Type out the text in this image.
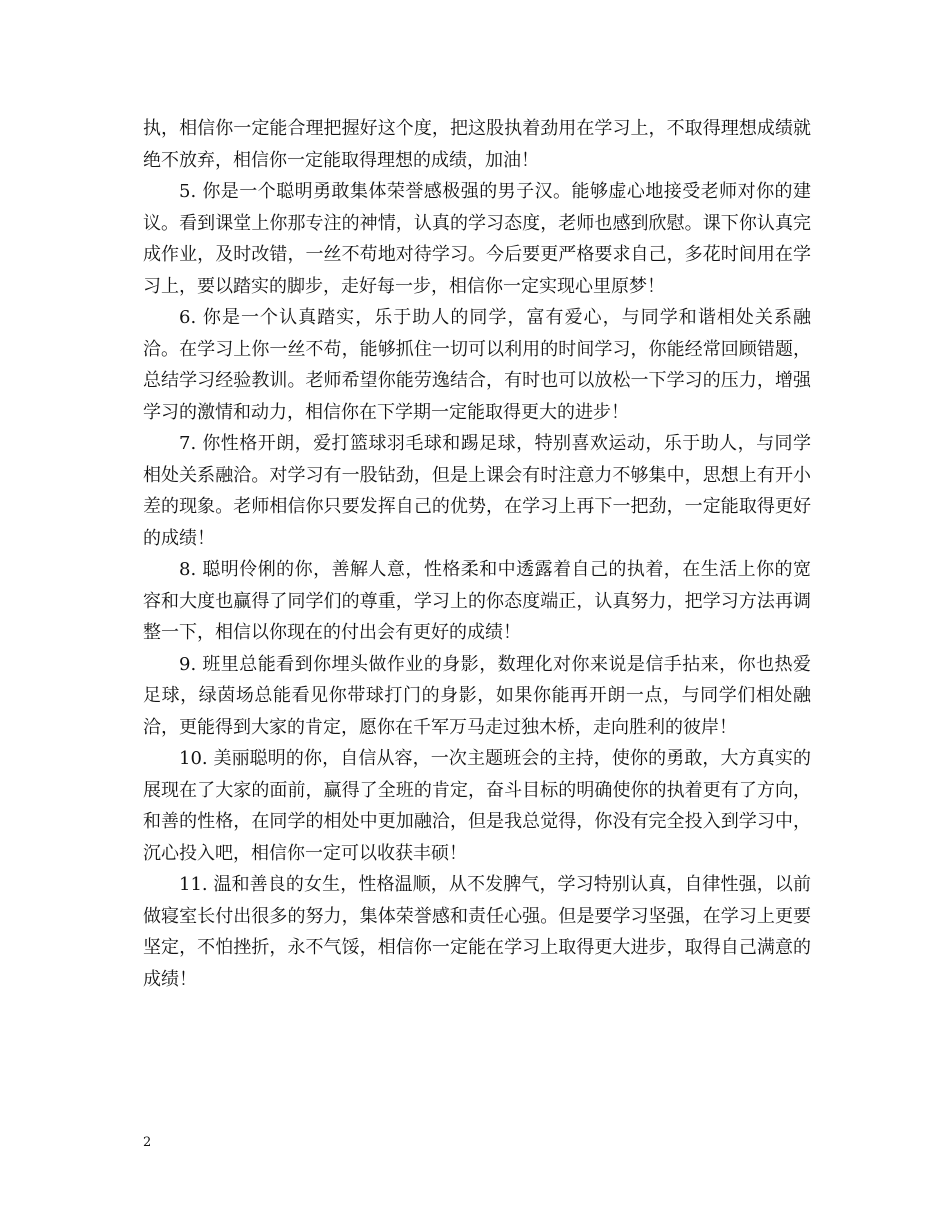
执，相信你一定能合理把握好这个度，把这股执着劲用在学习上，不取得理想成绩就绝不放弃，相信你一定能取得理想的成绩，加油！

5. 你是一个聪明勇敢集体荣誉感极强的男子汉。能够虚心地接受老师对你的建议。看到课堂上你那专注的神情，认真的学习态度，老师也感到欣慰。课下你认真完成作业，及时改错，一丝不苟地对待学习。今后要更严格要求自己，多花时间用在学习上，要以踏实的脚步，走好每一步，相信你一定实现心里原梦！

6. 你是一个认真踏实，乐于助人的同学，富有爱心，与同学和谐相处关系融洽。在学习上你一丝不苟，能够抓住一切可以利用的时间学习，你能经常回顾错题，总结学习经验教训。老师希望你能劳逸结合，有时也可以放松一下学习的压力，增强学习的激情和动力，相信你在下学期一定能取得更大的进步！

7. 你性格开朗，爱打篮球羽毛球和踢足球，特别喜欢运动，乐于助人，与同学相处关系融洽。对学习有一股钻劲，但是上课会有时注意力不够集中，思想上有开小差的现象。老师相信你只要发挥自己的优势，在学习上再下一把劲，一定能取得更好的成绩！

8. 聪明伶俐的你，善解人意，性格柔和中透露着自己的执着，在生活上你的宽容和大度也赢得了同学们的尊重，学习上的你态度端正，认真努力，把学习方法再调整一下，相信以你现在的付出会有更好的成绩！

9. 班里总能看到你埋头做作业的身影，数理化对你来说是信手拈来，你也热爱足球，绿茵场总能看见你带球打门的身影，如果你能再开朗一点，与同学们相处融洽，更能得到大家的肯定，愿你在千军万马走过独木桥，走向胜利的彼岸！

10. 美丽聪明的你，自信从容，一次主题班会的主持，使你的勇敢，大方真实的展现在了大家的面前，赢得了全班的肯定，奋斗目标的明确使你的执着更有了方向，和善的性格，在同学的相处中更加融洽，但是我总觉得，你没有完全投入到学习中，沉心投入吧，相信你一定可以收获丰硕！

11. 温和善良的女生，性格温顺，从不发脾气，学习特别认真，自律性强，以前做寝室长付出很多的努力，集体荣誉感和责任心强。但是要学习坚强，在学习上更要坚定，不怕挫折，永不气馁，相信你一定能在学习上取得更大进步，取得自己满意的成绩！

2
